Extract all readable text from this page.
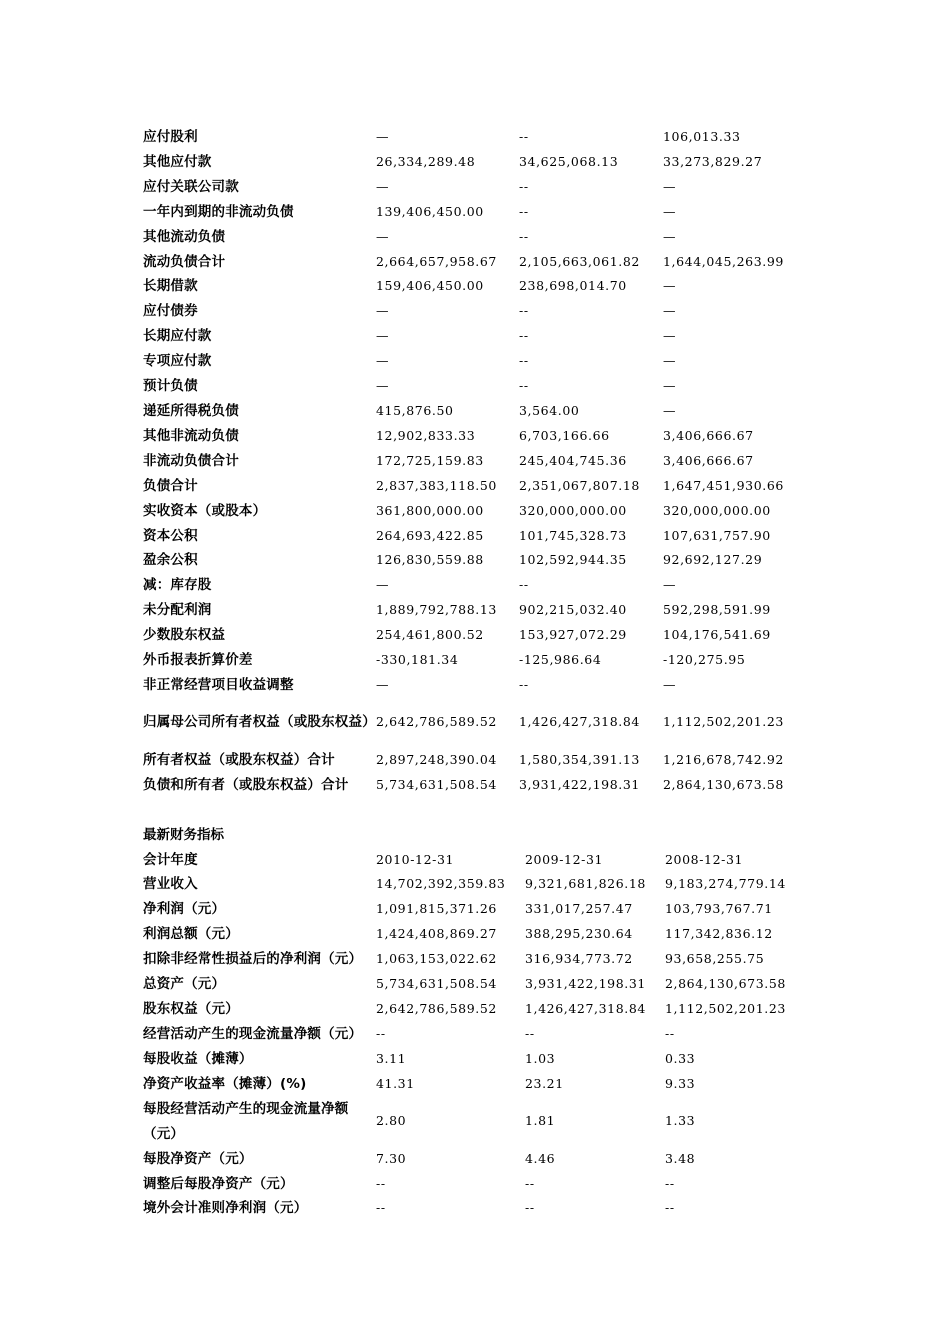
应付股利	—	--	106,013.33
其他应付款	26,334,289.48	34,625,068.13	33,273,829.27
应付关联公司款	—	--	—
一年内到期的非流动负债	139,406,450.00	--	—
其他流动负债	—	--	—
流动负债合计	2,664,657,958.67	2,105,663,061.82	1,644,045,263.99
长期借款	159,406,450.00	238,698,014.70	—
应付债券	—	--	—
长期应付款	—	--	—
专项应付款	—	--	—
预计负债	—	--	—
递延所得税负债	415,876.50	3,564.00	—
其他非流动负债	12,902,833.33	6,703,166.66	3,406,666.67
非流动负债合计	172,725,159.83	245,404,745.36	3,406,666.67
负债合计	2,837,383,118.50	2,351,067,807.18	1,647,451,930.66
实收资本（或股本）	361,800,000.00	320,000,000.00	320,000,000.00
资本公积	264,693,422.85	101,745,328.73	107,631,757.90
盈余公积	126,830,559.88	102,592,944.35	92,692,127.29
减：库存股	—	--	—
未分配利润	1,889,792,788.13	902,215,032.40	592,298,591.99
少数股东权益	254,461,800.52	153,927,072.29	104,176,541.69
外币报表折算价差	-330,181.34	-125,986.64	-120,275.95
非正常经营项目收益调整	—	--	—
归属母公司所有者权益（或股东权益）	2,642,786,589.52	1,426,427,318.84	1,112,502,201.23
所有者权益（或股东权益）合计	2,897,248,390.04	1,580,354,391.13	1,216,678,742.92
负债和所有者（或股东权益）合计	5,734,631,508.54	3,931,422,198.31	2,864,130,673.58
最新财务指标
会计年度	2010-12-31	2009-12-31	2008-12-31
营业收入	14,702,392,359.83	9,321,681,826.18	9,183,274,779.14
净利润（元）	1,091,815,371.26	331,017,257.47	103,793,767.71
利润总额（元）	1,424,408,869.27	388,295,230.64	117,342,836.12
扣除非经常性损益后的净利润（元）	1,063,153,022.62	316,934,773.72	93,658,255.75
总资产（元）	5,734,631,508.54	3,931,422,198.31	2,864,130,673.58
股东权益（元）	2,642,786,589.52	1,426,427,318.84	1,112,502,201.23
经营活动产生的现金流量净额（元）	--	--	--
每股收益（摊薄）	3.11	1.03	0.33
净资产收益率（摊薄）(%)	41.31	23.21	9.33
每股经营活动产生的现金流量净额（元）	2.80	1.81	1.33
每股净资产（元）	7.30	4.46	3.48
调整后每股净资产（元）	--	--	--
境外会计准则净利润（元）	--	--	--
